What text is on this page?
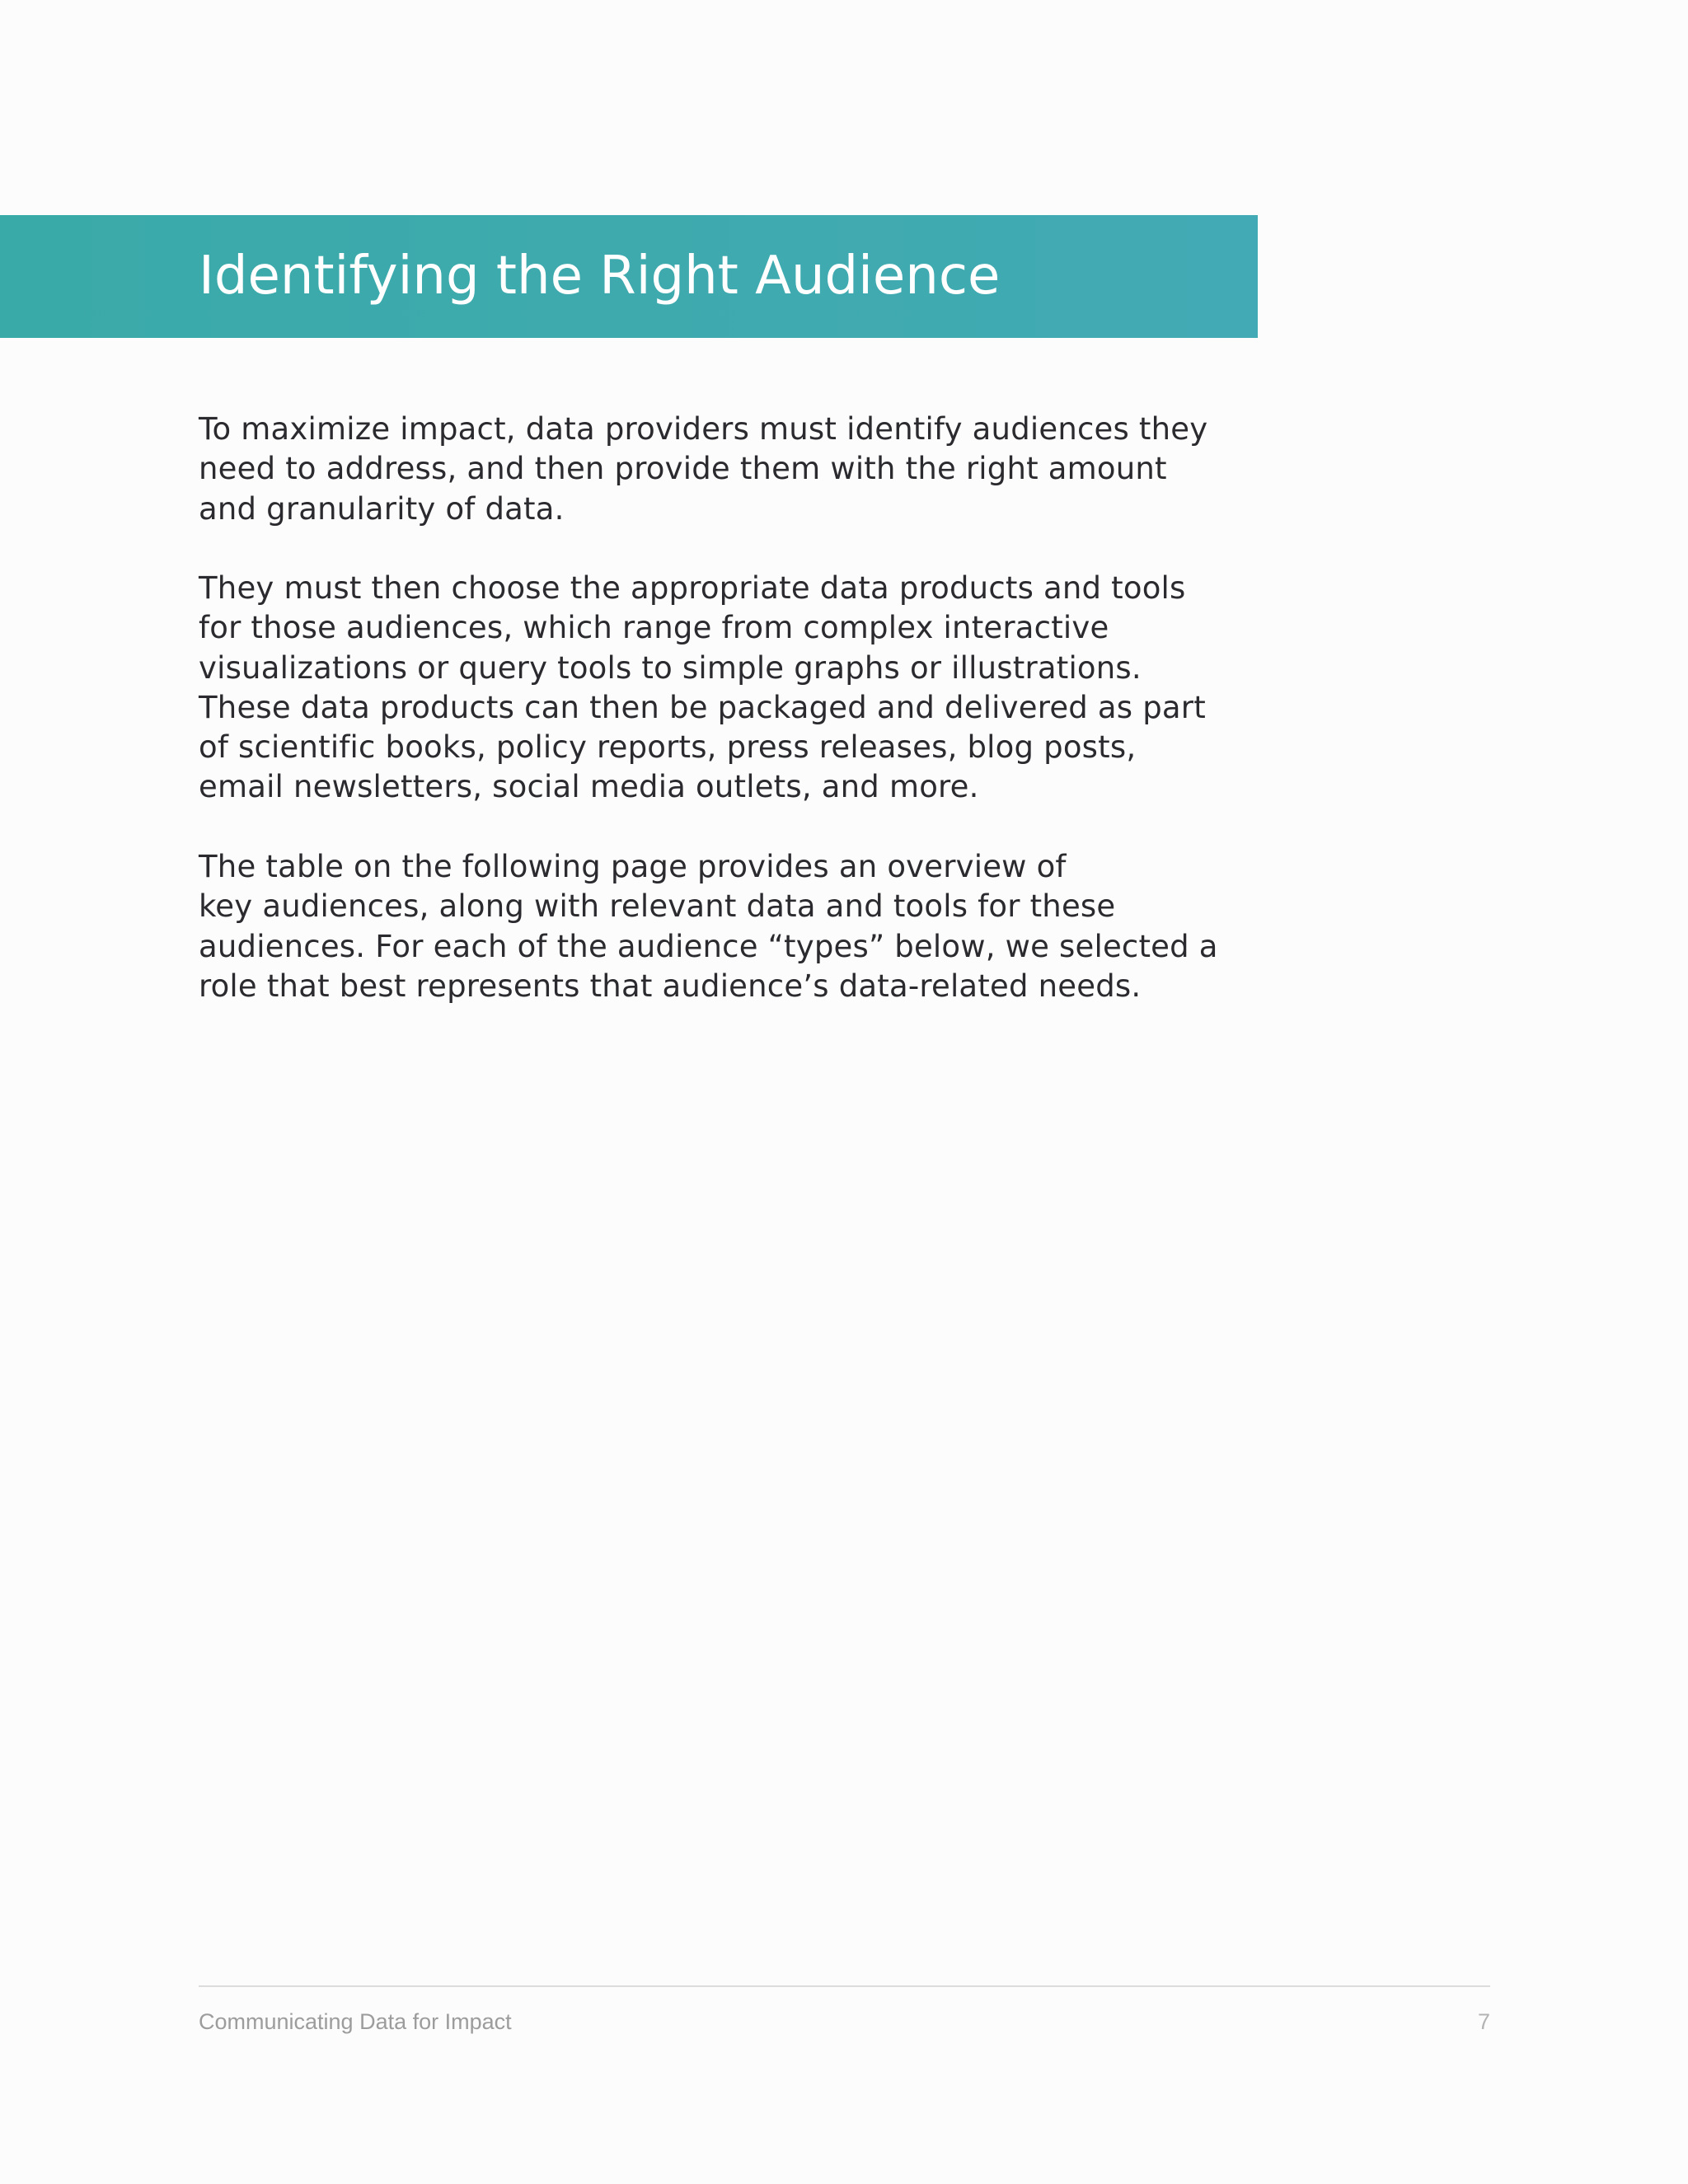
Identifying the Right Audience

To maximize impact, data providers must identify audiences they
need to address, and then provide them with the right amount
and granularity of data.

They must then choose the appropriate data products and tools
for those audiences, which range from complex interactive
visualizations or query tools to simple graphs or illustrations.
These data products can then be packaged and delivered as part
of scientific books, policy reports, press releases, blog posts,
email newsletters, social media outlets, and more.

The table on the following page provides an overview of
key audiences, along with relevant data and tools for these
audiences. For each of the audience “types” below, we selected a
role that best represents that audience’s data-related needs.

Communicating Data for Impact	7
